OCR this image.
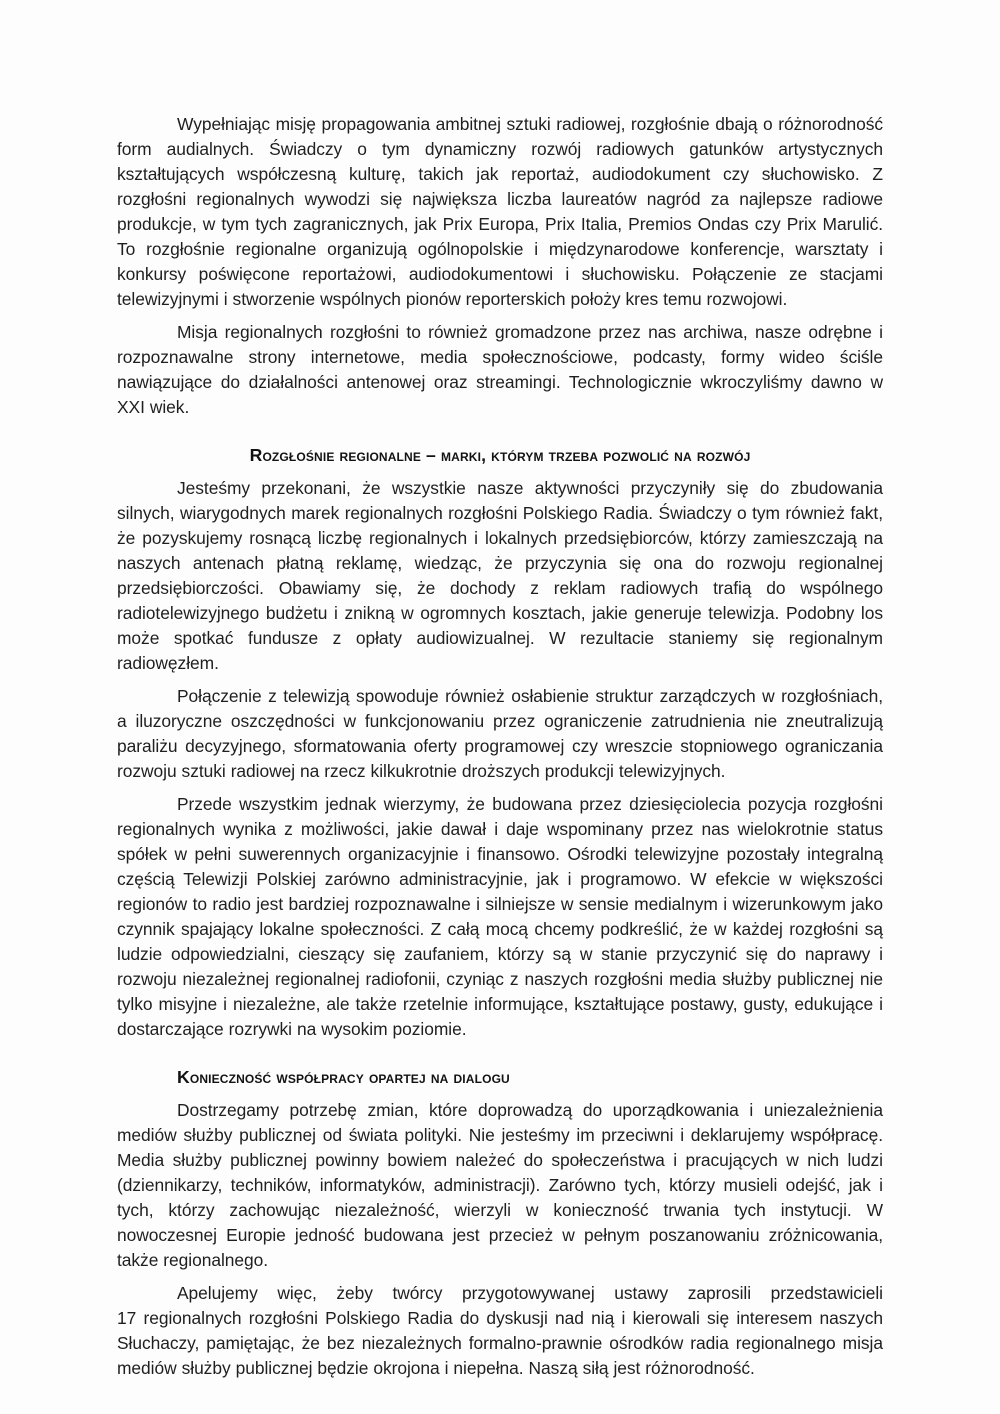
Wypełniając misję propagowania ambitnej sztuki radiowej, rozgłośnie dbają o różnorodność form audialnych. Świadczy o tym dynamiczny rozwój radiowych gatunków artystycznych kształtujących współczesną kulturę, takich jak reportaż, audiodokument czy słuchowisko. Z rozgłośni regionalnych wywodzi się największa liczba laureatów nagród za najlepsze radiowe produkcje, w tym tych zagranicznych, jak Prix Europa, Prix Italia, Premios Ondas czy Prix Marulić. To rozgłośnie regionalne organizują ogólnopolskie i międzynarodowe konferencje, warsztaty i konkursy poświęcone reportażowi, audiodokumentowi i słuchowisku. Połączenie ze stacjami telewizyjnymi i stworzenie wspólnych pionów reporterskich położy kres temu rozwojowi.

Misja regionalnych rozgłośni to również gromadzone przez nas archiwa, nasze odrębne i rozpoznawalne strony internetowe, media społecznościowe, podcasty, formy wideo ściśle nawiązujące do działalności antenowej oraz streamingi. Technologicznie wkroczyliśmy dawno w XXI wiek.

Rozgłośnie regionalne – marki, którym trzeba pozwolić na rozwój

Jesteśmy przekonani, że wszystkie nasze aktywności przyczyniły się do zbudowania silnych, wiarygodnych marek regionalnych rozgłośni Polskiego Radia. Świadczy o tym również fakt, że pozyskujemy rosnącą liczbę regionalnych i lokalnych przedsiębiorców, którzy zamieszczają na naszych antenach płatną reklamę, wiedząc, że przyczynia się ona do rozwoju regionalnej przedsiębiorczości. Obawiamy się, że dochody z reklam radiowych trafią do wspólnego radiotelewizyjnego budżetu i znikną w ogromnych kosztach, jakie generuje telewizja. Podobny los może spotkać fundusze z opłaty audiowizualnej. W rezultacie staniemy się regionalnym radiowęzłem.

Połączenie z telewizją spowoduje również osłabienie struktur zarządczych w rozgłośniach, a iluzoryczne oszczędności w funkcjonowaniu przez ograniczenie zatrudnienia nie zneutralizują paraliżu decyzyjnego, sformatowania oferty programowej czy wreszcie stopniowego ograniczania rozwoju sztuki radiowej na rzecz kilkukrotnie droższych produkcji telewizyjnych.

Przede wszystkim jednak wierzymy, że budowana przez dziesięciolecia pozycja rozgłośni regionalnych wynika z możliwości, jakie dawał i daje wspominany przez nas wielokrotnie status spółek w pełni suwerennych organizacyjnie i finansowo. Ośrodki telewizyjne pozostały integralną częścią Telewizji Polskiej zarówno administracyjnie, jak i programowo. W efekcie w większości regionów to radio jest bardziej rozpoznawalne i silniejsze w sensie medialnym i wizerunkowym jako czynnik spajający lokalne społeczności. Z całą mocą chcemy podkreślić, że w każdej rozgłośni są ludzie odpowiedzialni, cieszący się zaufaniem, którzy są w stanie przyczynić się do naprawy i rozwoju niezależnej regionalnej radiofonii, czyniąc z naszych rozgłośni media służby publicznej nie tylko misyjne i niezależne, ale także rzetelnie informujące, kształtujące postawy, gusty, edukujące i dostarczające rozrywki na wysokim poziomie.

Konieczność współpracy opartej na dialogu

Dostrzegamy potrzebę zmian, które doprowadzą do uporządkowania i uniezależnienia mediów służby publicznej od świata polityki. Nie jesteśmy im przeciwni i deklarujemy współpracę. Media służby publicznej powinny bowiem należeć do społeczeństwa i pracujących w nich ludzi (dziennikarzy, techników, informatyków, administracji). Zarówno tych, którzy musieli odejść, jak i tych, którzy zachowując niezależność, wierzyli w konieczność trwania tych instytucji. W nowoczesnej Europie jedność budowana jest przecież w pełnym poszanowaniu zróżnicowania, także regionalnego.

Apelujemy więc, żeby twórcy przygotowywanej ustawy zaprosili przedstawicieli
17 regionalnych rozgłośni Polskiego Radia do dyskusji nad nią i kierowali się interesem naszych Słuchaczy, pamiętając, że bez niezależnych formalno-prawnie ośrodków radia regionalnego misja mediów służby publicznej będzie okrojona i niepełna. Naszą siłą jest różnorodność.
